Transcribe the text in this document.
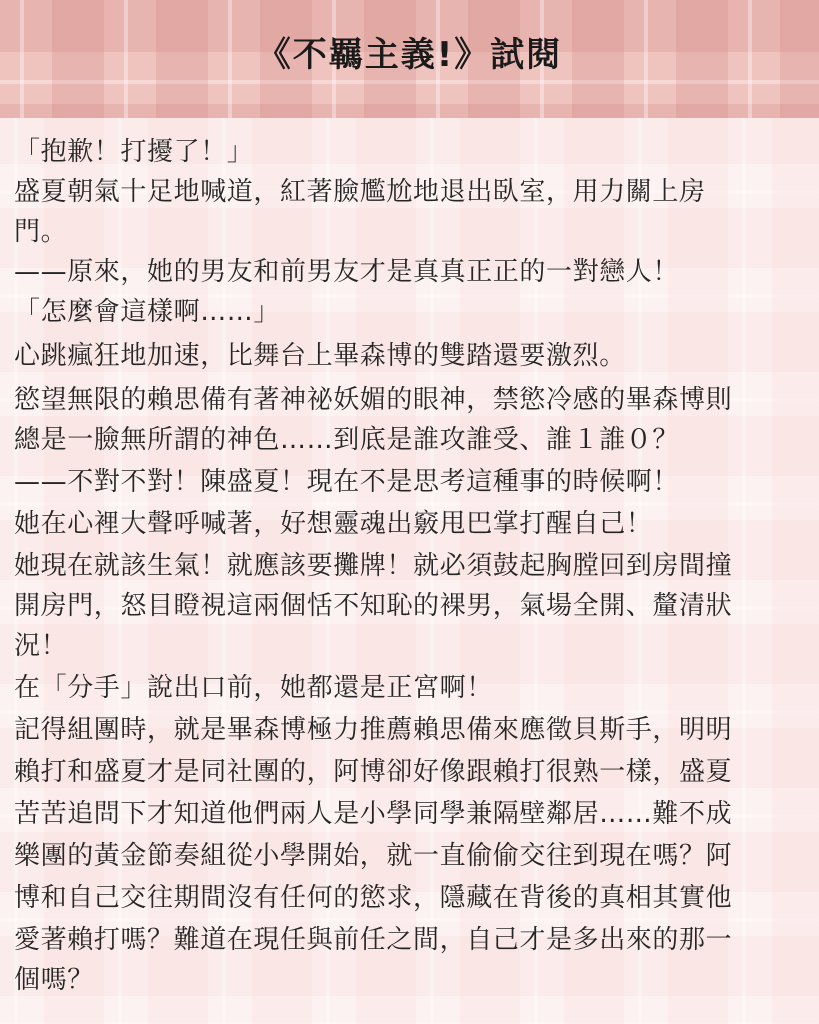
《不羈主義!》試閱
「抱歉！打擾了！」
盛夏朝氣十足地喊道，紅著臉尷尬地退出臥室，用力關上房
門。
——原來，她的男友和前男友才是真真正正的一對戀人！
「怎麼會這樣啊……」
心跳瘋狂地加速，比舞台上畢森博的雙踏還要激烈。
慾望無限的賴思備有著神祕妖媚的眼神，禁慾冷感的畢森博則
總是一臉無所謂的神色……到底是誰攻誰受、誰１誰０？
——不對不對！陳盛夏！現在不是思考這種事的時候啊！
她在心裡大聲呼喊著，好想靈魂出竅甩巴掌打醒自己！
她現在就該生氣！就應該要攤牌！就必須鼓起胸膛回到房間撞
開房門，怒目瞪視這兩個恬不知恥的裸男，氣場全開、釐清狀
況！
在「分手」說出口前，她都還是正宮啊！
記得組團時，就是畢森博極力推薦賴思備來應徵貝斯手，明明
賴打和盛夏才是同社團的，阿博卻好像跟賴打很熟一樣，盛夏
苦苦追問下才知道他們兩人是小學同學兼隔壁鄰居……難不成
樂團的黃金節奏組從小學開始，就一直偷偷交往到現在嗎？阿
博和自己交往期間沒有任何的慾求，隱藏在背後的真相其實他
愛著賴打嗎？難道在現任與前任之間，自己才是多出來的那一
個嗎？
